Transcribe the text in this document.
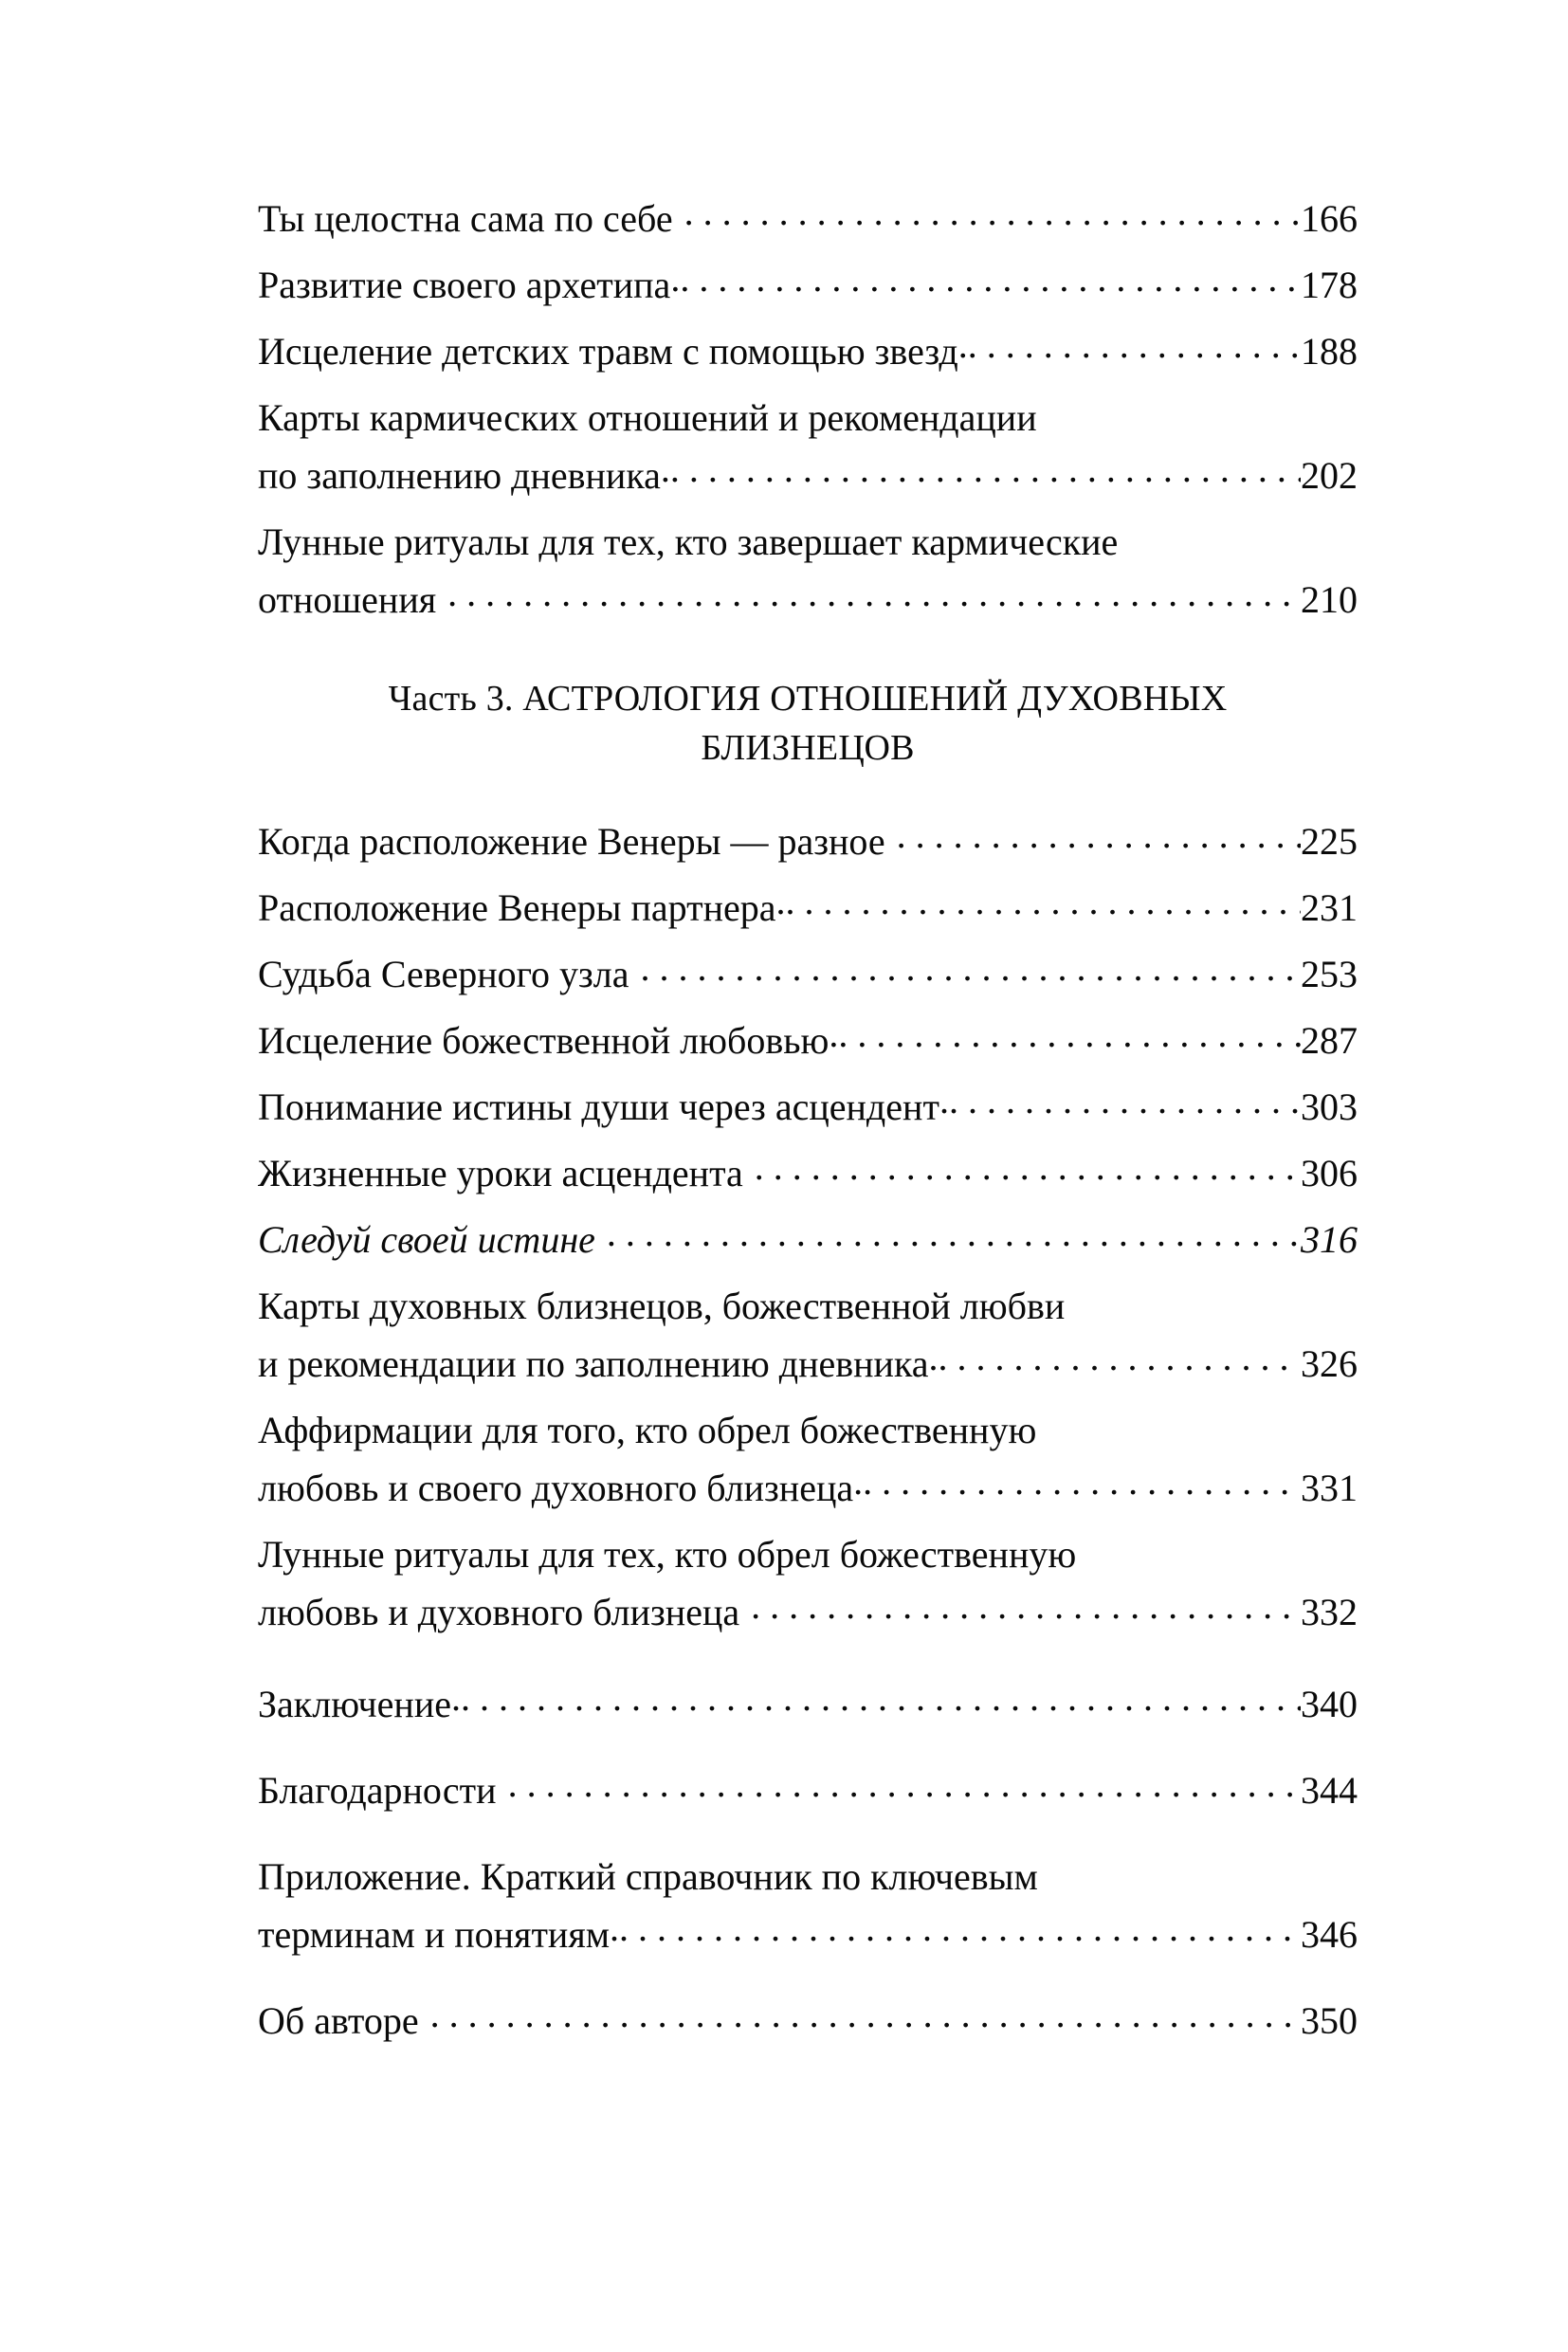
Ты целостна сама по себе . . .	166
Развитие своего архетипа .. .	178
Исцеление детских травм с помощью звезд .. .	188
Карты кармических отношений и рекомендации
по заполнению дневника .. .	202
Лунные ритуалы для тех, кто завершает кармические
отношения . . .	210
Часть 3. АСТРОЛОГИЯ ОТНОШЕНИЙ ДУХОВНЫХ
БЛИЗНЕЦОВ
Когда расположение Венеры — разное . . .	225
Расположение Венеры партнера .. .	231
Судьба Северного узла . . .	253
Исцеление божественной любовью .. .	287
Понимание истины души через асцендент .. .	303
Жизненные уроки асцендента . . .	306
Следуй своей истине . . .	316
Карты духовных близнецов, божественной любви
и рекомендации по заполнению дневника .. .	326
Аффирмации для того, кто обрел божественную
любовь и своего духовного близнеца .. .	331
Лунные ритуалы для тех, кто обрел божественную
любовь и духовного близнеца . . .	332
Заключение .. .	340
Благодарности . . .	344
Приложение. Краткий справочник по ключевым
терминам и понятиям .. .	346
Об авторе . . .	350
